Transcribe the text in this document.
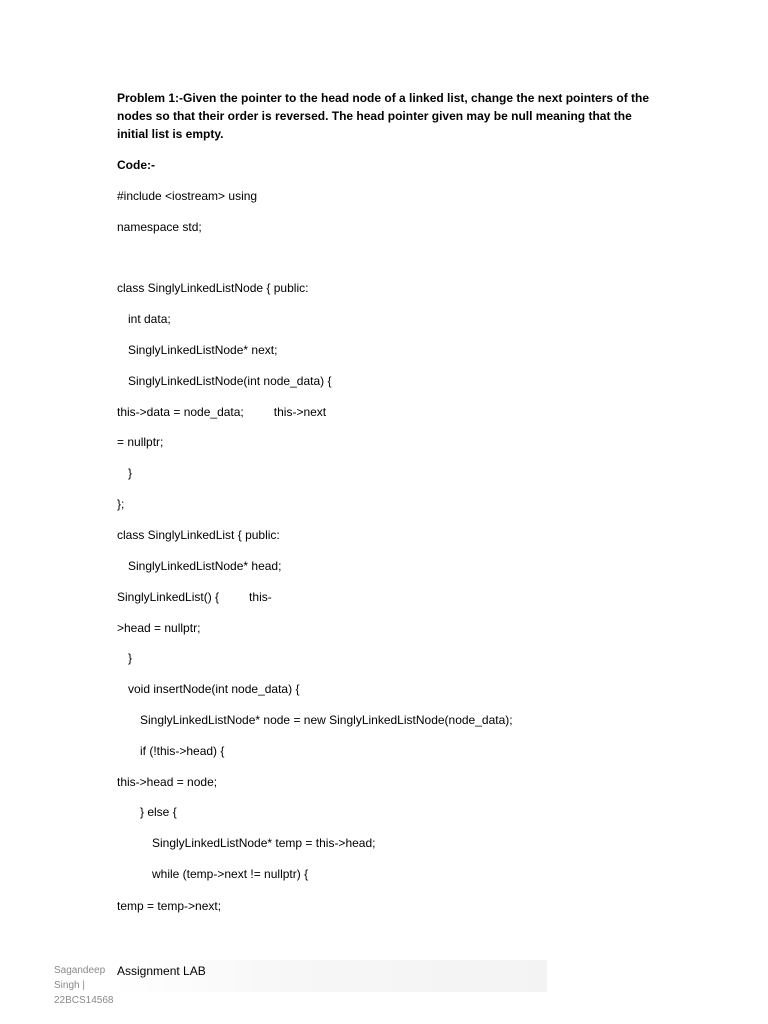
Problem 1:-Given the pointer to the head node of a linked list, change the next pointers of the nodes so that their order is reversed. The head pointer given may be null meaning that the initial list is empty.
Code:-
#include <iostream> using
namespace std;
class SinglyLinkedListNode { public:
int data;
SinglyLinkedListNode* next;
SinglyLinkedListNode(int node_data) {
this->data = node_data;         this->next
= nullptr;
}
};
class SinglyLinkedList { public:
SinglyLinkedListNode* head;
SinglyLinkedList() {         this-
>head = nullptr;
}
void insertNode(int node_data) {
SinglyLinkedListNode* node = new SinglyLinkedListNode(node_data);
if (!this->head) {
this->head = node;
} else {
SinglyLinkedListNode* temp = this->head;
while (temp->next != nullptr) {
temp = temp->next;
Sagandeep Singh | 22BCS14568
Assignment LAB
